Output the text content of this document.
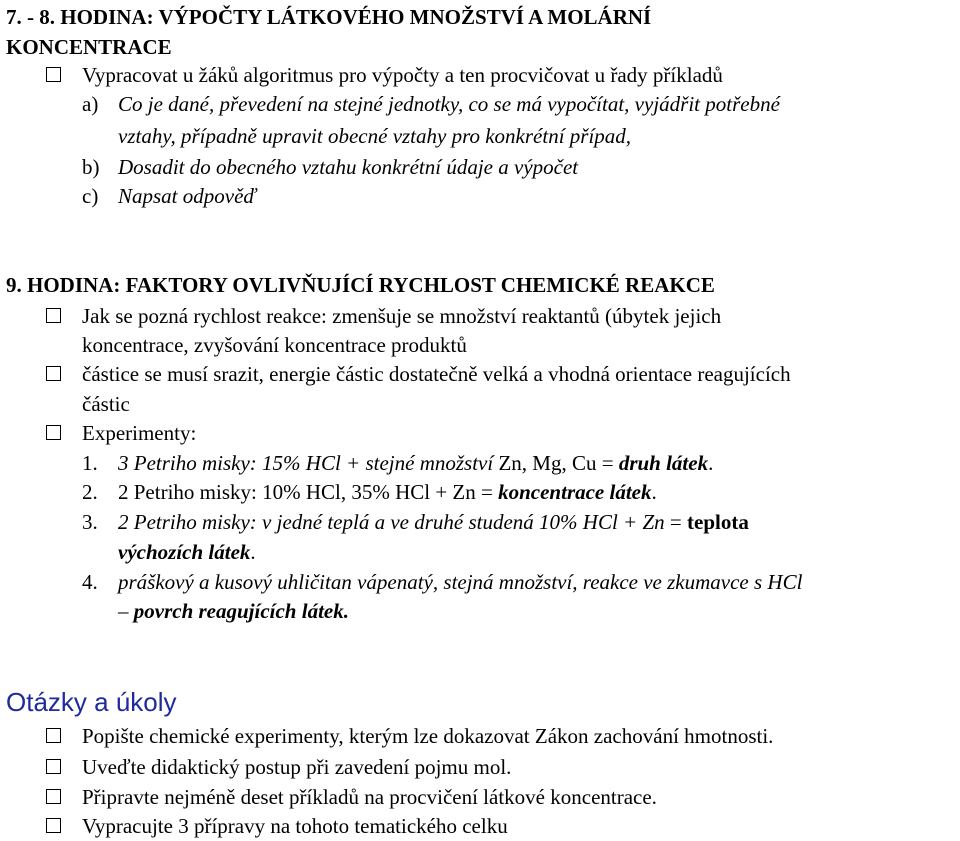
7. - 8. HODINA: VÝPOČTY LÁTKOVÉHO MNOŽSTVÍ A MOLÁRNÍ
KONCENTRACE
Vypracovat u žáků algoritmus pro výpočty a ten procvičovat u řady příkladů
a) Co je dané, převedení na stejné jednotky, co se má vypočítat, vyjádřit potřebné
vztahy, případně upravit obecné vztahy pro konkrétní případ,
b) Dosadit do obecného vztahu konkrétní údaje a výpočet
c) Napsat odpověď
9. HODINA: FAKTORY OVLIVŇUJÍCÍ RYCHLOST CHEMICKÉ REAKCE
Jak se pozná rychlost reakce: zmenšuje se množství reaktantů (úbytek jejich
koncentrace, zvyšování koncentrace produktů
částice se musí srazit, energie částic dostatečně velká a vhodná orientace reagujících
částic
Experimenty:
1. 3 Petriho misky: 15% HCl + stejné množství Zn, Mg, Cu = druh látek.
2. 2 Petriho misky: 10% HCl, 35% HCl + Zn = koncentrace látek.
3. 2 Petriho misky: v jedné teplá a ve druhé studená 10% HCl + Zn = teplota
výchozích látek.
4. práškový a kusový uhličitan vápenatý, stejná množství, reakce ve zkumavce s HCl
– povrch reagujících látek.
Otázky a úkoly
Popište chemické experimenty, kterým lze dokazovat Zákon zachování hmotnosti.
Uveďte didaktický postup při zavedení pojmu mol.
Připravte nejméně deset příkladů na procvičení látkové koncentrace.
Vypracujte 3 přípravy na tohoto tematického celku
